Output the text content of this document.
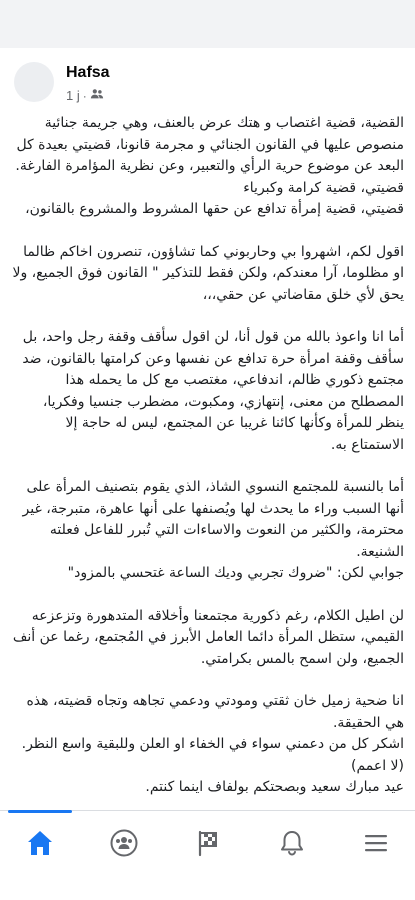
Hafsa
1 j ·
القضية، قضية اغتصاب و هتك عرض بالعنف، وهي جريمة جنائية منصوص عليها في القانون الجنائي و مجرمة قانونا، قضيتي بعيدة كل البعد عن موضوع حرية الرأي والتعبير، وعن نظرية المؤامرة الفارغة.
قضيتي، قضية كرامة وكبرياء
قضيتي، قضية إمرأة تدافع عن حقها المشروط والمشروع بالقانون،
اقول لكم، اشهروا بي وحاربوني كما تشاؤون، تنصرون اخاكم ظالما او مظلوما، آرا معندكم، ولكن فقط للتذكير " القانون فوق الجميع، ولا يحق لأي خلق مقاضاتي عن حقي،،،
أما انا واعوذ بالله من قول أنا، لن اقول سأقف وقفة رجل واحد، بل سأقف وقفة امرأة حرة تدافع عن نفسها وعن كرامتها بالقانون، ضد مجتمع ذكوري ظالم، اندفاعي، مغتصب مع كل ما يحمله هذا المصطلح من معنى، إنتهازي، ومكبوت، مضطرب جنسيا وفكريا، ينظر للمرأة وكأنها كائنا غريبا عن المجتمع، ليس له حاجة إلا الاستمتاع به.
أما بالنسبة للمجتمع النسوي الشاذ، الذي يقوم بتصنيف المرأة على أنها السبب وراء ما يحدث لها ويُصنفها على أنها عاهرة، متبرجة، غير محترمة، والكثير من النعوت والاساءات التي تُبرر للفاعل فعلته الشنيعة.
جوابي لكن: "ضروك تجربي وديك الساعة غتحسي بالمزود"
لن اطيل الكلام، رغم ذكورية مجتمعنا وأخلاقه المتدهورة وتزعزعه القيمي، ستظل المرأة دائما العامل الأبرز في المُجتمع، رغما عن أنف الجميع، ولن اسمح بالمس بكرامتي.
انا ضحية زميل خان ثقتي ومودتي ودعمي تجاهه وتجاه قضيته، هذه هي الحقيقة.
اشكر كل من دعمني سواء في الخفاء او العلن وللبقية واسع النظر. (لا اعمم)
عيد مبارك سعيد وبصحتكم بولفاف اينما كنتم.
